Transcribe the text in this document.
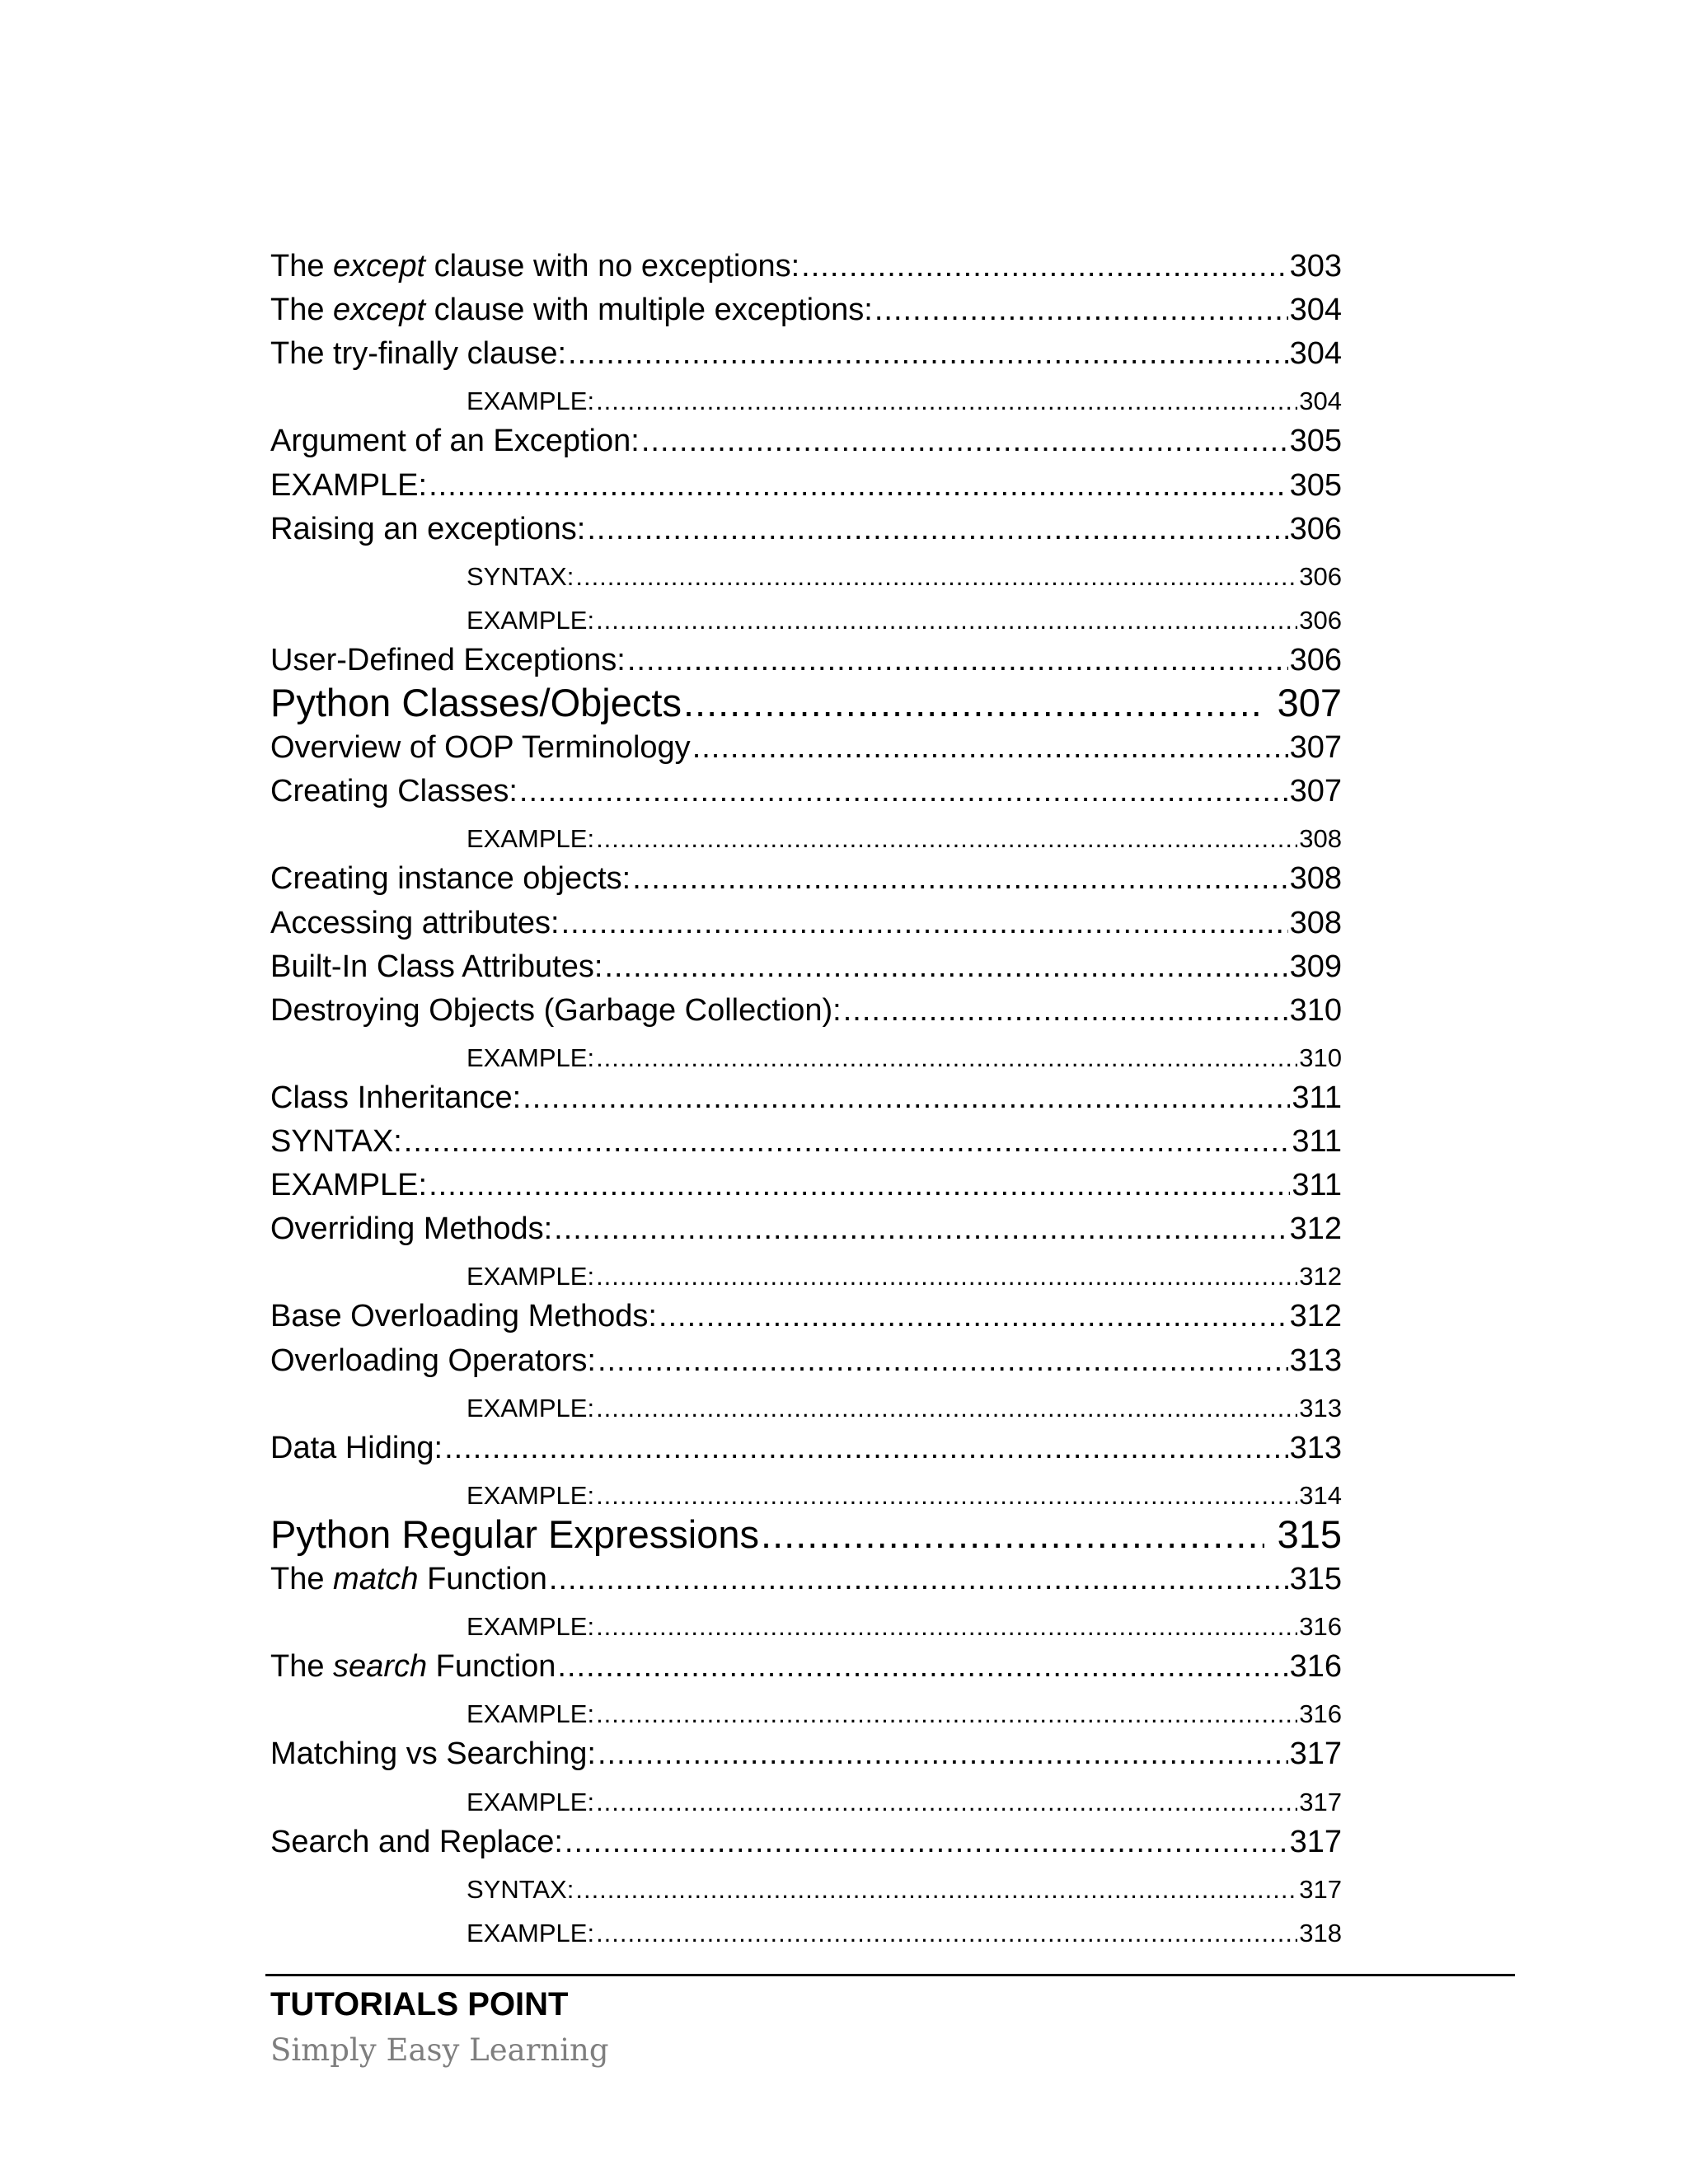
The except clause with no exceptions: .....	303
The except clause with multiple exceptions: .....	304
The try-finally clause: .....	304
EXAMPLE: .....	304
Argument of an Exception: .....	305
EXAMPLE: .....	305
Raising an exceptions: .....	306
SYNTAX: .....	306
EXAMPLE: .....	306
User-Defined Exceptions: .....	306
Python Classes/Objects .....	307
Overview of OOP Terminology .....	307
Creating Classes: .....	307
EXAMPLE: .....	308
Creating instance objects: .....	308
Accessing attributes: .....	308
Built-In Class Attributes: .....	309
Destroying Objects (Garbage Collection): .....	310
EXAMPLE: .....	310
Class Inheritance: .....	311
SYNTAX: .....	311
EXAMPLE: .....	311
Overriding Methods: .....	312
EXAMPLE: .....	312
Base Overloading Methods: .....	312
Overloading Operators: .....	313
EXAMPLE: .....	313
Data Hiding: .....	313
EXAMPLE: .....	314
Python Regular Expressions .....	315
The match Function .....	315
EXAMPLE: .....	316
The search Function .....	316
EXAMPLE: .....	316
Matching vs Searching: .....	317
EXAMPLE: .....	317
Search and Replace: .....	317
SYNTAX: .....	317
EXAMPLE: .....	318
TUTORIALS POINT
Simply Easy Learning
